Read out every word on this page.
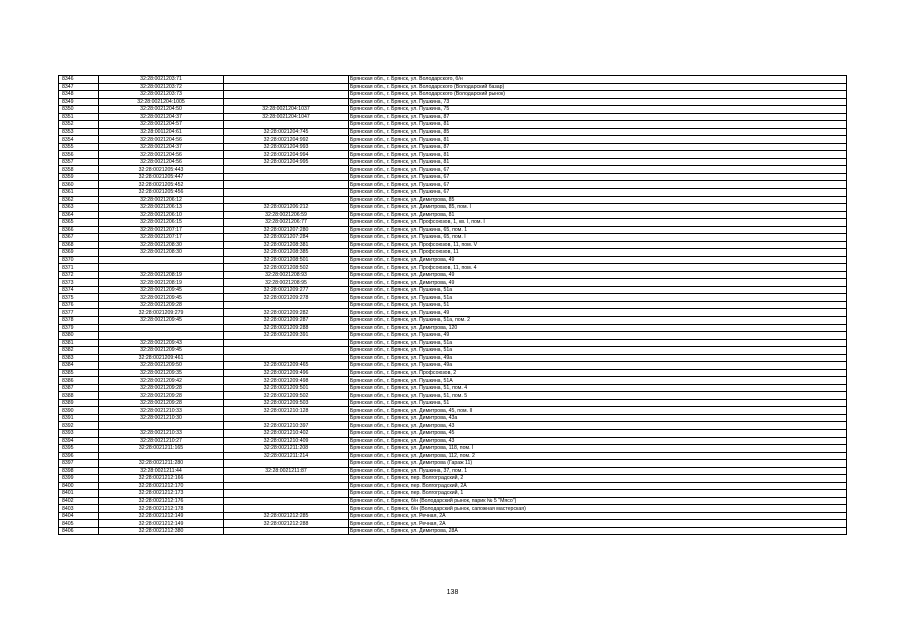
8346	32:28:0021203:71		Брянская обл., г. Брянск, ул. Володарского, б/н
8347	32:28:0021203:72		Брянская обл., г. Брянск, ул. Володарского (Володарский базар)
8348	32:28:0021203:73		Брянская обл., г. Брянск, ул. Володарского (Володарский рынок)
8349	32:28:0021204:1005		Брянская обл., г. Брянск, ул. Пушкина, 73
8350	32:28:0021204:50	32:28:0021204:1037	Брянская обл., г. Брянск, ул. Пушкина, 75
8351	32:28:0021204:37	32:28:0021204:1047	Брянская обл., г. Брянск, ул. Пушкина, 87
8352	32:28:0021204:57		Брянская обл., г. Брянск, ул. Пушкина, 81
8353	32:28:0011204:61	32:28:0021204:745	Брянская обл., г. Брянск, ул. Пушкина, 85
8354	32:28:0021204:56	32:28:0021204:992	Брянская обл., г. Брянск, ул. Пушкина, 81
8355	32:28:0021204:37	32:28:0021204:993	Брянская обл., г. Брянск, ул. Пушкина, 87
8356	32:28:0021204:56	32:28:0021204:994	Брянская обл., г. Брянск, ул. Пушкина, 81
8357	32:28:0021204:56	32:28:0021204:995	Брянская обл., г. Брянск, ул. Пушкина, 81
8358	32:28:0021205:443		Брянская обл., г. Брянск, ул. Пушкина, 67
8359	32:28:0021205:447		Брянская обл., г. Брянск, ул. Пушкина, 67
8360	32:28:0021205:452		Брянская обл., г. Брянск, ул. Пушкина, 67
8361	32:28:0021205:456		Брянская обл., г. Брянск, ул. Пушкина, 67
8362	32:28:0021206:12		Брянская обл., г. Брянск, ул. Димитрова, 85
8363	32:28:0021206:13	32:28:0021206:212	Брянская обл., г. Брянск, ул. Димитрова, 85, пом. I
8364	32:28:0021206:10	32:28:0021206:59	Брянская обл., г. Брянск, ул. Димитрова, 81
8365	32:28:0021206:15	32:28:0021206:77	Брянская обл., г. Брянск, ул. Профсоюзов, 1, кв. I, пом. I
8366	32:28:0021207:17	32:28:0021207:280	Брянская обл., г. Брянск, ул. Пушкина, 65, пом. 1
8367	32:28:0021207:17	32:28:0021207:284	Брянская обл., г. Брянск, ул. Пушкина, 65, пом. I
8368	32:28:0021208:30	32:28:0021208:381	Брянская обл., г. Брянск, ул. Профсоюзов, 11, пом. V
8369	32:28:0021208:30	32:28:0021208:385	Брянская обл., г. Брянск, ул. Профсоюзов, 11
8370		32:28:0021208:501	Брянская обл., г. Брянск, ул. Димитрова, 49
8371		32:28:0021208:502	Брянская обл., г. Брянск, ул. Профсоюзов, 11, пом. 4
8372	32:28:0021208:19	32:28:0021208:93	Брянская обл., г. Брянск, ул. Димитрова, 49
8373	32:28:0021208:19	32:28:0021208:95	Брянская обл., г. Брянск, ул. Димитрова, 49
8374	32:28:0021209:45	32:28:0021209:277	Брянская обл., г. Брянск, ул. Пушкина, 51а
8375	32:28:0021209:45	32:28:0021209:278	Брянская обл., г. Брянск, ул. Пушкина, 51а
8376	32:28:0021209:28		Брянская обл., г. Брянск, ул. Пушкина, 51
8377	32:28:0021209:279	32:28:0021209:282	Брянская обл., г. Брянск, ул. Пушкина, 49
8378	32:28:0021209:45	32:28:0021209:287	Брянская обл., г. Брянск, ул. Пушкина, 51а, пом. 2
8379		32:28:0021209:288	Брянская обл., г. Брянск, ул. Димитрова, 120
8380		32:28:0021209:391	Брянская обл., г. Брянск, ул. Пушкина, 49
8381	32:28:0021209:43		Брянская обл., г. Брянск, ул. Пушкина, 51а
8382	32:28:0021209:45		Брянская обл., г. Брянск, ул. Пушкина, 51а
8383	32:28:0021209:461		Брянская обл., г. Брянск, ул. Пушкина, 49а
8384	32:28:0021209:50	32:28:0021209:465	Брянская обл., г. Брянск, ул. Пушкина, 49а
8385	32:28:0021209:35	32:28:0021209:496	Брянская обл., г. Брянск, ул. Профсоюзов, 2
8386	32:28:0021209:42	32:28:0021209:498	Брянская обл., г. Брянск, ул. Пушкина, 51А
8387	32:28:0021209:28	32:28:0021209:501	Брянская обл., г. Брянск, ул. Пушкина, 51, пом. 4
8388	32:28:0021209:28	32:28:0021209:502	Брянская обл., г. Брянск, ул. Пушкина, 51, пом. 5
8389	32:28:0021209:28	32:28:0021209:503	Брянская обл., г. Брянск, ул. Пушкина, 51
8390	32:28:0021210:33	32:28:0021210:128	Брянская обл., г. Брянск, ул. Димитрова, 45, пом. II
8391	32:28:0021210:30		Брянская обл., г. Брянск, ул. Димитрова, 43а
8392		32:28:0021210:397	Брянская обл., г. Брянск, ул. Димитрова, 43
8393	32:28:0021210:33	32:28:0021210:402	Брянская обл., г. Брянск, ул. Димитрова, 45
8394	32:28:0021210:27	32:28:0021210:409	Брянская обл., г. Брянск, ул. Димитрова, 43
8395	32:28:0021211:165	32:28:0021211:208	Брянская обл., г. Брянск, ул. Димитрова, 118, пом. I
8396		32:28:0021211:214	Брянская обл., г. Брянск, ул. Димитрова, 112, пом. 2
8397	32:28:0021211:280		Брянская обл., г. Брянск, ул. Димитрова (Гараж 11)
8398	32:28:0021211:44	32:28:0021211:87	Брянская обл., г. Брянск, ул. Пушкина, 37, пом. 1
8399	32:28:0021212:166		Брянская обл., г. Брянск, пер. Волгоградский, 2
8400	32:28:0021212:170		Брянская обл., г. Брянск, пер. Волгоградский, 2А
8401	32:28:0021212:173		Брянская обл., г. Брянск, пер. Волгоградский, 1
8402	32:28:0021212:176		Брянская обл., г. Брянск, б/н (Володарский рынок, парик № 5 "Мясо")
8403	32:28:0021212:178		Брянская обл., г. Брянск, б/н (Володарский рынок, сапожная мастерская)
8404	32:28:0021212:149	32:28:0021212:285	Брянская обл., г. Брянск, ул. Речная, 2А
8405	32:28:0021212:149	32:28:0021212:288	Брянская обл., г. Брянск, ул. Речная, 2А
8406	32:28:0021212:380		Брянская обл., г. Брянск, ул. Димитрова, 28А
138
